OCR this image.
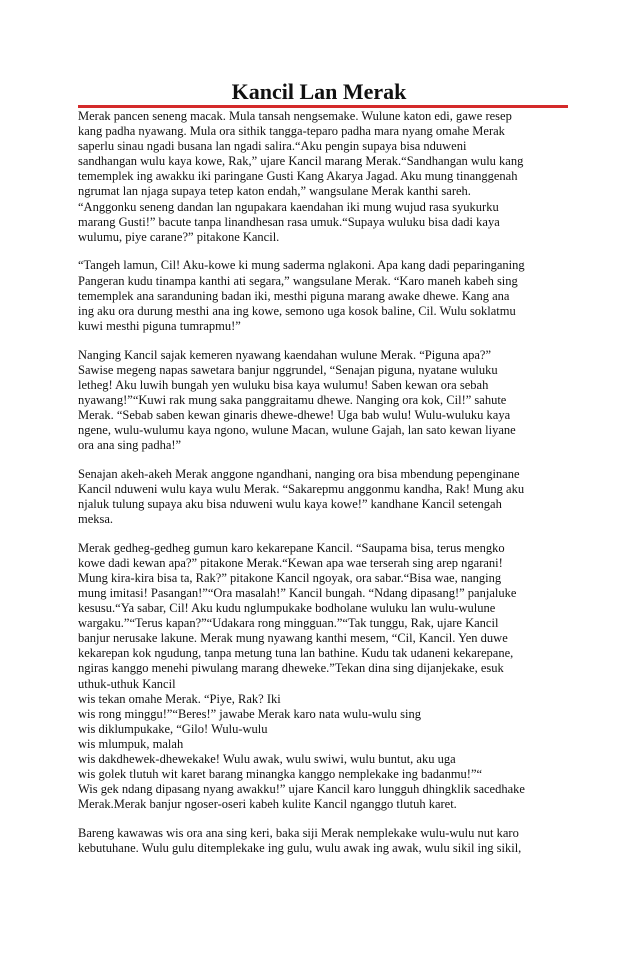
Kancil Lan Merak
Merak pancen seneng macak. Mula tansah nengsemake. Wulune katon edi, gawe resep
kang padha nyawang. Mula ora sithik tangga-teparo padha mara nyang omahe Merak
saperlu sinau ngadi busana lan ngadi salira.“Aku pengin supaya bisa nduweni
sandhangan wulu kaya kowe, Rak,” ujare Kancil marang Merak.“Sandhangan wulu kang
tememplek ing awakku iki paringane Gusti Kang Akarya Jagad. Aku mung tinanggenah
ngrumat lan njaga supaya tetep katon endah,” wangsulane Merak kanthi sareh.
“Anggonku seneng dandan lan ngupakara kaendahan iki mung wujud rasa syukurku
marang Gusti!” bacute tanpa linandhesan rasa umuk.“Supaya wuluku bisa dadi kaya
wulumu, piye carane?” pitakone Kancil.
“Tangeh lamun, Cil! Aku-kowe ki mung saderma nglakoni. Apa kang dadi peparinganing
Pangeran kudu tinampa kanthi ati segara,” wangsulane Merak. “Karo maneh kabeh sing
tememplek ana saranduning badan iki, mesthi piguna marang awake dhewe. Kang ana
ing aku ora durung mesthi ana ing kowe, semono uga kosok baline, Cil. Wulu soklatmu
kuwi mesthi piguna tumrapmu!”
Nanging Kancil sajak kemeren nyawang kaendahan wulune Merak. “Piguna apa?”
Sawise megeng napas sawetara banjur nggrundel, “Senajan piguna, nyatane wuluku
letheg! Aku luwih bungah yen wuluku bisa kaya wulumu! Saben kewan ora sebah
nyawang!”“Kuwi rak mung saka panggraitamu dhewe. Nanging ora kok, Cil!” sahute
Merak. “Sebab saben kewan ginaris dhewe-dhewe! Uga bab wulu! Wulu-wuluku kaya
ngene, wulu-wulumu kaya ngono, wulune Macan, wulune Gajah, lan sato kewan liyane
ora ana sing padha!”
Senajan akeh-akeh Merak anggone ngandhani, nanging ora bisa mbendung pepenginane
Kancil nduweni wulu kaya wulu Merak. “Sakarepmu anggonmu kandha, Rak! Mung aku
njaluk tulung supaya aku bisa nduweni wulu kaya kowe!” kandhane Kancil setengah
meksa.
Merak gedheg-gedheg gumun karo kekarepane Kancil. “Saupama bisa, terus mengko
kowe dadi kewan apa?” pitakone Merak.“Kewan apa wae terserah sing arep ngarani!
Mung kira-kira bisa ta, Rak?” pitakone Kancil ngoyak, ora sabar.“Bisa wae, nanging
mung imitasi! Pasangan!”“Ora masalah!” Kancil bungah. “Ndang dipasang!” panjaluke
kesusu.“Ya sabar, Cil! Aku kudu nglumpukake bodholane wuluku lan wulu-wulune
wargaku.”“Terus kapan?”“Udakara rong mingguan.”“Tak tunggu, Rak, ujare Kancil
banjur nerusake lakune. Merak mung nyawang kanthi mesem, “Cil, Kancil. Yen duwe
kekarepan kok ngudung, tanpa metung tuna lan bathine. Kudu tak udaneni kekarepane,
ngiras kanggo menehi piwulang marang dheweke.”Tekan dina sing dijanjekake, esuk
uthuk-uthuk Kancil
wis tekan omahe Merak. “Piye, Rak? Iki
wis rong minggu!”“Beres!” jawabe Merak karo nata wulu-wulu sing
wis diklumpukake, “Gilo! Wulu-wulu
wis mlumpuk, malah
wis dakdhewek-dhewekake! Wulu awak, wulu swiwi, wulu buntut, aku uga
wis golek tlutuh wit karet barang minangka kanggo nemplekake ing badanmu!”“
Wis gek ndang dipasang nyang awakku!” ujare Kancil karo lungguh dhingklik sacedhake
Merak.Merak banjur ngoser-oseri kabeh kulite Kancil nganggo tlutuh karet.
Bareng kawawas wis ora ana sing keri, baka siji Merak nemplekake wulu-wulu nut karo
kebutuhane. Wulu gulu ditemplekake ing gulu, wulu awak ing awak, wulu sikil ing sikil,
